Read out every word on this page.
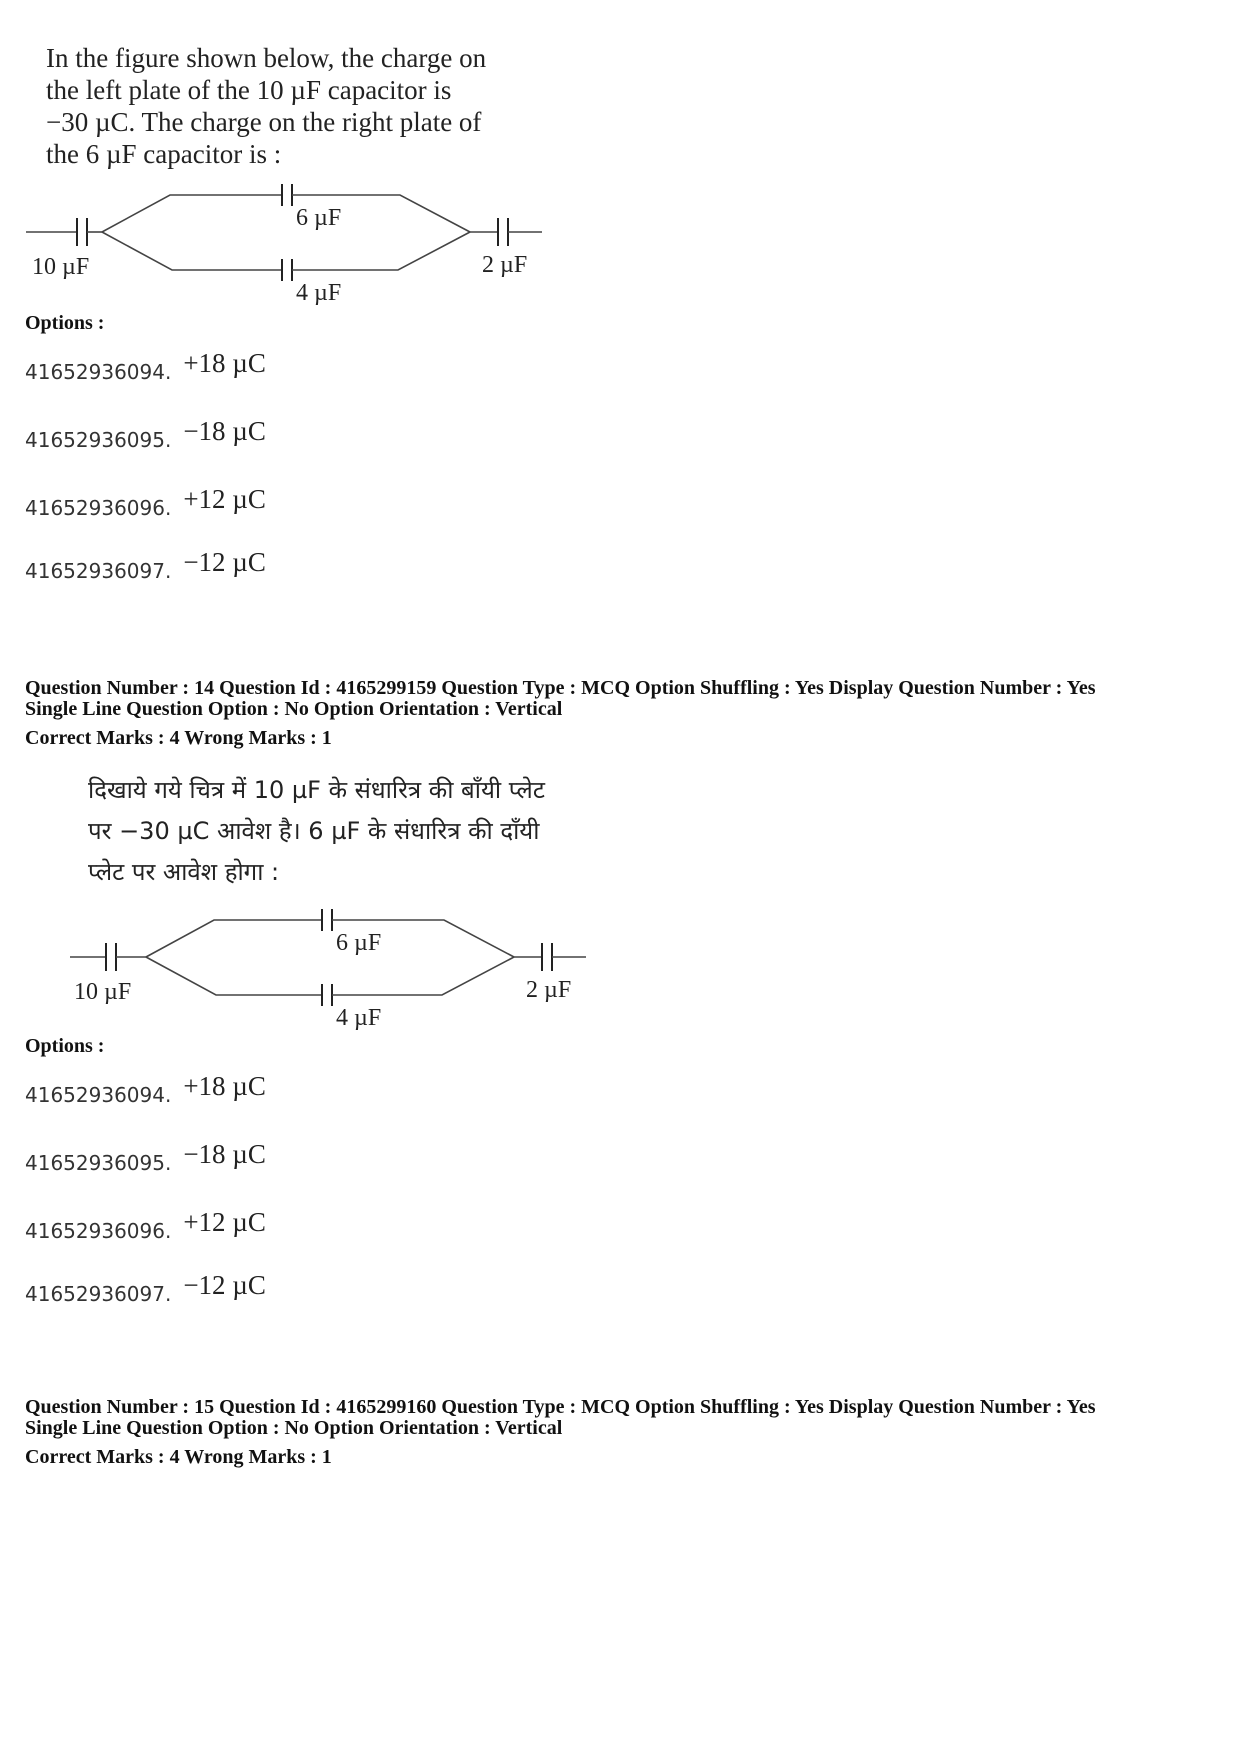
In the figure shown below, the charge on
the left plate of the 10 µF capacitor is
−30 µC. The charge on the right plate of
the 6 µF capacitor is :
10 µF
6 µF
4 µF
2 µF
Options :
41652936094. +18 µC
41652936095. −18 µC
41652936096. +12 µC
41652936097. −12 µC
Question Number : 14 Question Id : 4165299159 Question Type : MCQ Option Shuffling : Yes Display Question Number : Yes
Single Line Question Option : No Option Orientation : Vertical
Correct Marks : 4 Wrong Marks : 1
दिखाये गये चित्र में 10 µF के संधारित्र की बाँयी प्लेट
पर −30 µC आवेश है। 6 µF के संधारित्र की दाँयी
प्लेट पर आवेश होगा :
10 µF
6 µF
4 µF
2 µF
Options :
41652936094. +18 µC
41652936095. −18 µC
41652936096. +12 µC
41652936097. −12 µC
Question Number : 15 Question Id : 4165299160 Question Type : MCQ Option Shuffling : Yes Display Question Number : Yes
Single Line Question Option : No Option Orientation : Vertical
Correct Marks : 4 Wrong Marks : 1
